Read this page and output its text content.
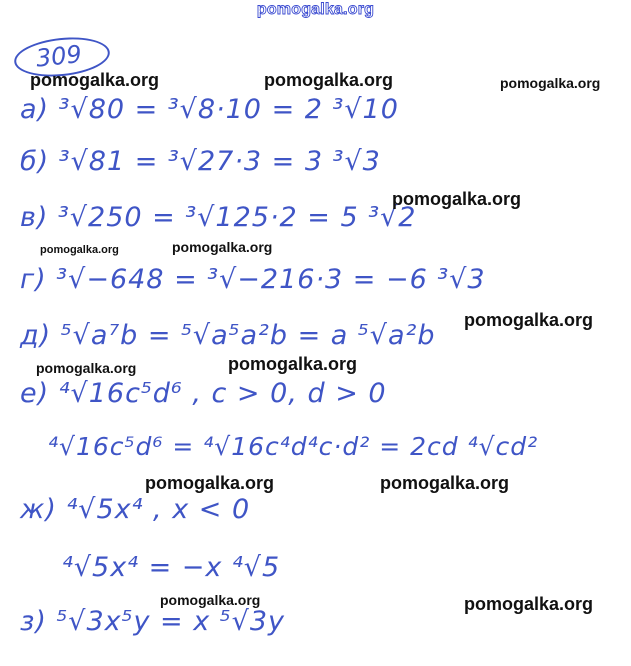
pomogalka.org
309
а) ³√80 = ³√8·10 = 2 ³√10
б) ³√81 = ³√27·3 = 3 ³√3
в) ³√250 = ³√125·2 = 5 ³√2
г) ³√−648 = ³√−216·3 = −6 ³√3
д) ⁵√a⁷b = ⁵√a⁵a²b = a ⁵√a²b
е) ⁴√16c⁵d⁶ , c > 0, d > 0
⁴√16c⁵d⁶ = ⁴√16c⁴d⁴c·d² = 2cd ⁴√cd²
ж) ⁴√5x⁴ , x < 0
⁴√5x⁴ = −x ⁴√5
з) ⁵√3x⁵y = x ⁵√3y
pomogalka.org	pomogalka.org	pomogalka.org
pomogalka.org
pomogalka.org	pomogalka.org
pomogalka.org
pomogalka.org
pomogalka.org
pomogalka.org	pomogalka.org
pomogalka.org	pomogalka.org
